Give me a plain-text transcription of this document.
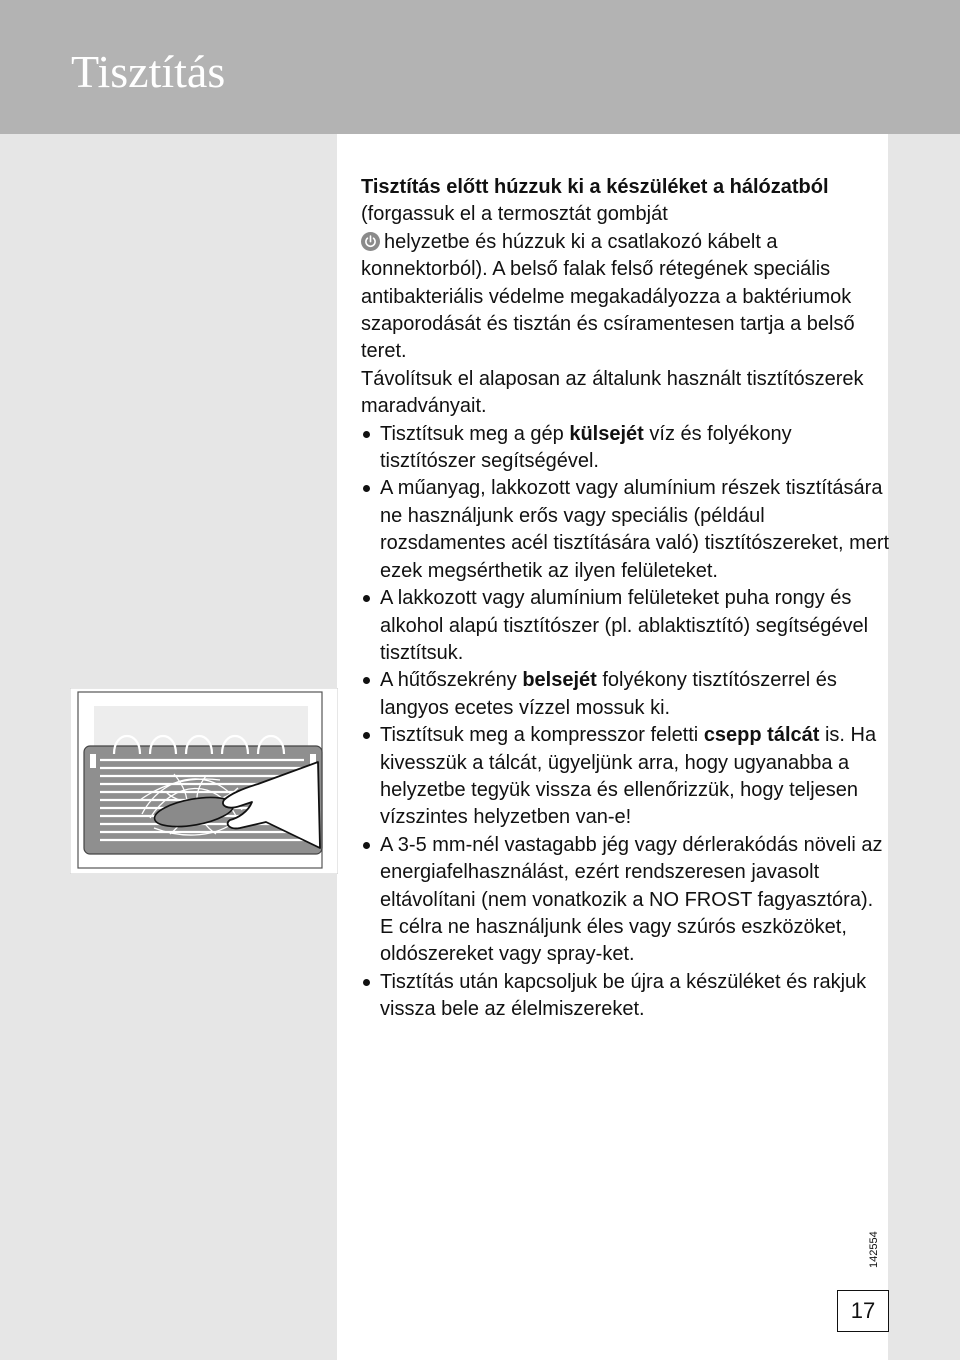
Tisztítás

Tisztítás előtt húzzuk ki a készüléket a hálózatból (forgassuk el a termosztát gombját

helyzetbe és húzzuk ki a csatlakozó kábelt a konnektorból). A belső falak felső rétegének speciális antibakteriális védelme megakadályozza a baktériumok szaporodását és tisztán és csíramentesen tartja a belső teret.

Távolítsuk el alaposan az általunk használt tisztítószerek maradványait.

Tisztítsuk meg a gép külsejét víz és folyékony tisztítószer segítségével.
A műanyag, lakkozott vagy alumínium részek tisztítására ne használjunk erős vagy speciális (például rozsdamentes acél tisztítására való) tisztítószereket, mert ezek megsérthetik az ilyen felületeket.
A lakkozott vagy alumínium felületeket puha rongy és alkohol alapú tisztítószer (pl. ablaktisztító) segítségével tisztítsuk.
A hűtőszekrény belsejét folyékony tisztítószerrel és langyos ecetes vízzel mossuk ki.
Tisztítsuk meg a kompresszor feletti csepp tálcát is. Ha kivesszük a tálcát, ügyeljünk arra, hogy ugyanabba a helyzetbe tegyük vissza és ellenőrizzük, hogy teljesen vízszintes helyzetben van-e!
A 3-5 mm-nél vastagabb jég vagy dérlerakódás növeli az energiafelhasználást, ezért rendszeresen javasolt eltávolítani (nem vonatkozik a NO FROST fagyasztóra). E célra ne használjunk éles vagy szúrós eszközöket, oldószereket vagy spray-ket.
Tisztítás után kapcsoljuk be újra a készüléket és rakjuk vissza bele az élelmiszereket.
142554
17
